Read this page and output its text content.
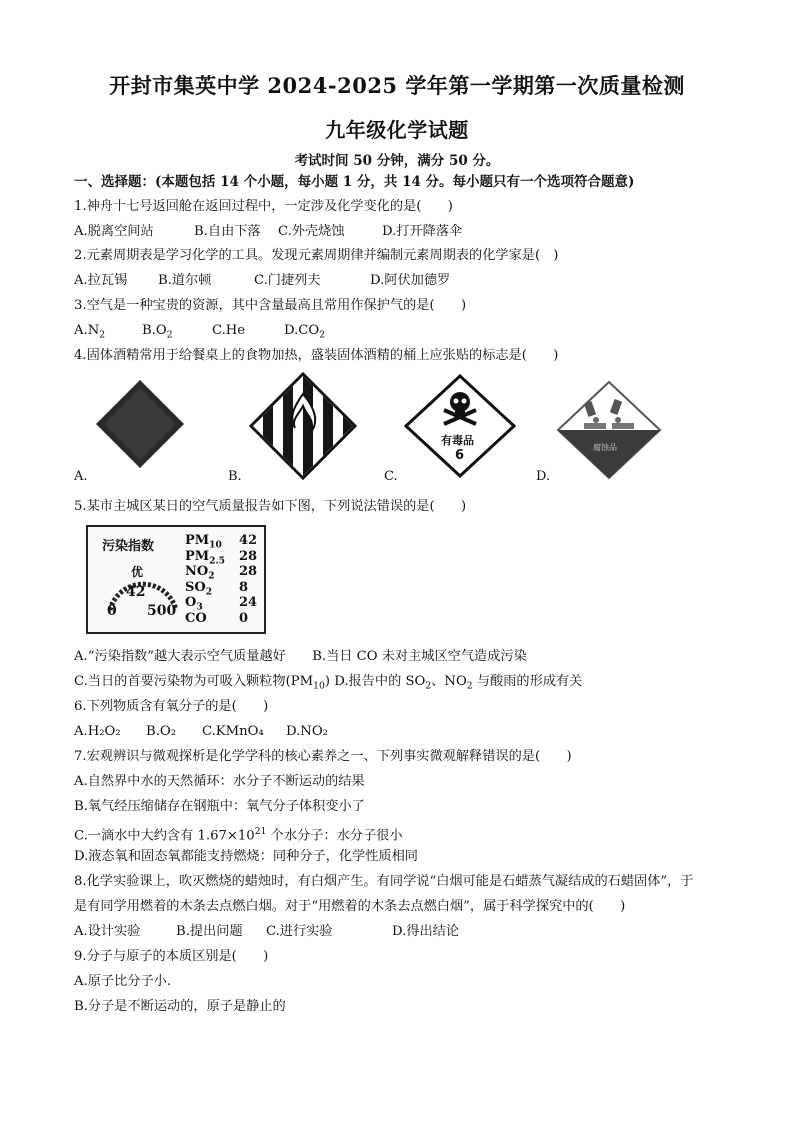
开封市集英中学 2024-2025 学年第一学期第一次质量检测
九年级化学试题
考试时间 50 分钟，满分 50 分。
一、选择题：(本题包括 14 个小题，每小题 1 分，共 14 分。每小题只有一个选项符合题意)
1.神舟十七号返回舱在返回过程中，一定涉及化学变化的是(　　)
A.脱离空间站	B.自由下落 C.外壳烧蚀	D.打开降落伞
2.元素周期表是学习化学的工具。发现元素周期律并编制元素周期表的化学家是(　)
A.拉瓦锡 B.道尔顿	C.门捷列夫	D.阿伏加德罗
3.空气是一种宝贵的资源，其中含量最高且常用作保护气的是(　　)
$A.N_2$	$B.O_2$	C.He	$D.CO_2$
4.固体酒精常用于给餐桌上的食物加热，盛装固体酒精的桶上应张贴的标志是(　　)
A.	B.
有毒品
6
C.
腐蚀品
D.
5.某市主城区某日的空气质量报告如下图，下列说法错误的是(　　)
污染指数
优
42
0 500
$PM_{10}$ 42
$PM_{2.5}$ 28
$NO_2$ 28
$SO_2$ 8
$O_3$	24
CO 0
A.“污染指数”越大表示空气质量越好　　B.当日 CO 未对主城区空气造成污染
C.当日的首要污染物为可吸入颗粒物$(PM_{10})$ D.报告中的 $SO_2$、$NO_2$ 与酸雨的形成有关
6.下列物质含有氧分子的是(　　)
A.H₂O₂ B.O₂ C.KMnO₄ D.NO₂
7.宏观辨识与微观探析是化学学科的核心素养之一、下列事实微观解释错误的是(　　)
A.自然界中水的天然循环：水分子不断运动的结果
B.氧气经压缩储存在钢瓶中：氧气分子体积变小了
C.一滴水中大约含有 $1.67\times 10^{21}$ 个水分子：水分子很小
D.液态氧和固态氧都能支持燃烧：同种分子，化学性质相同
8.化学实验课上，吹灭燃烧的蜡烛时，有白烟产生。有同学说“白烟可能是石蜡蒸气凝结成的石蜡固体”，于
是有同学用燃着的木条去点燃白烟。对于“用燃着的木条去点燃白烟”，属于科学探究中的(　　)
A.设计实验	B.提出问题 C.进行实验	D.得出结论
9.分子与原子的本质区别是(　　)
A.原子比分子小.
B.分子是不断运动的，原子是静止的
